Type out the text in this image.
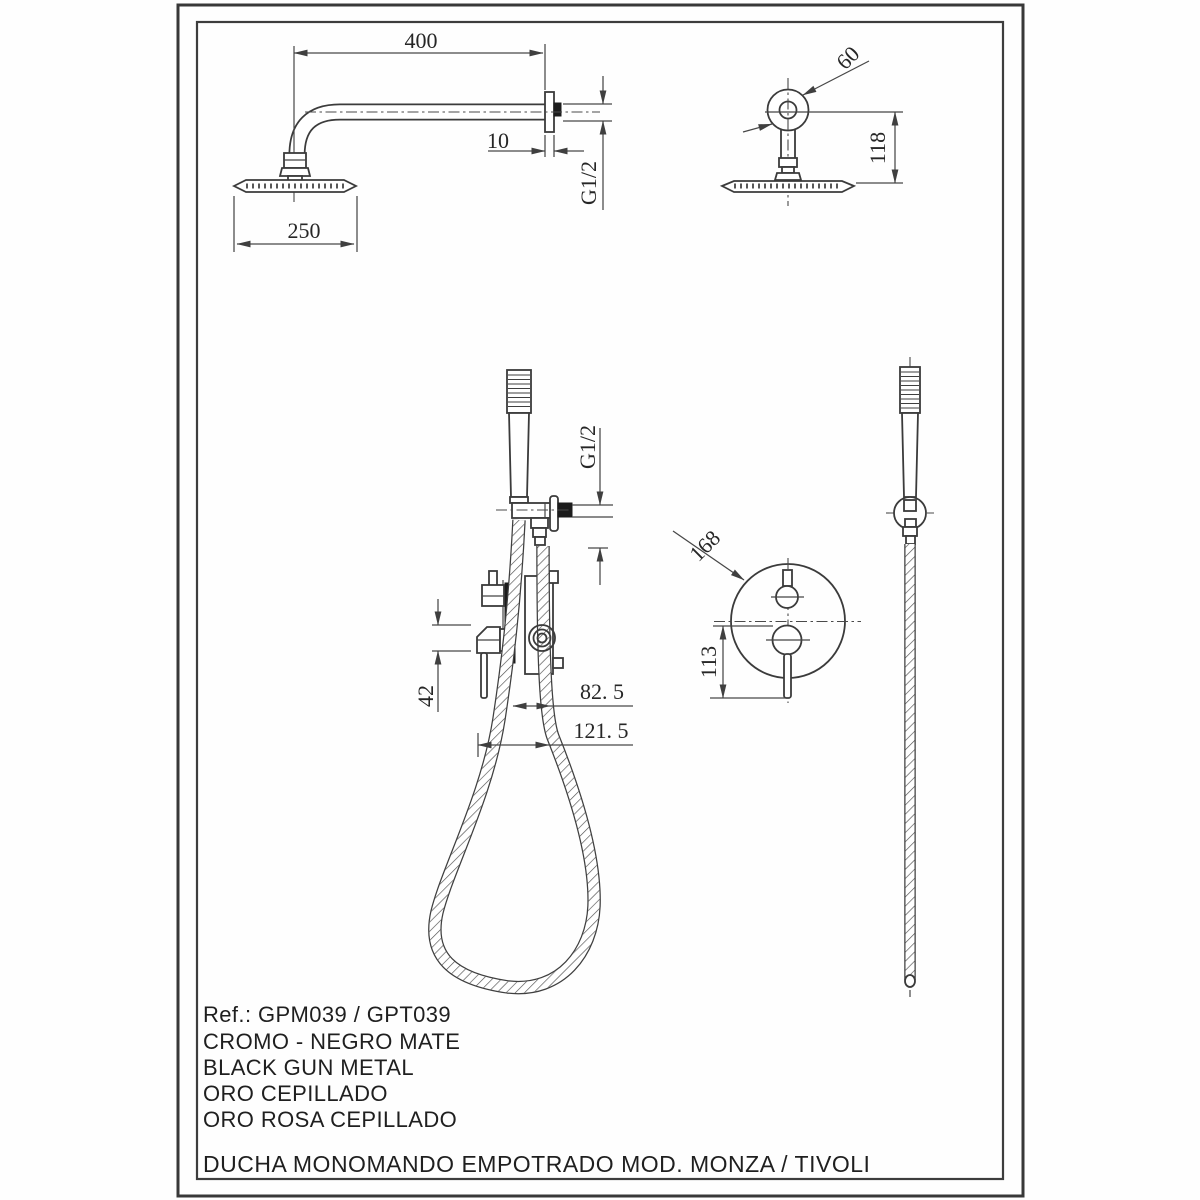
400
10
G1/2
250
60
118
G1/2
42	82. 5
121. 5
168
113
Ref.: GPM039 / GPT039
CROMO - NEGRO MATE
BLACK GUN METAL
ORO CEPILLADO
ORO ROSA CEPILLADO
DUCHA MONOMANDO EMPOTRADO MOD. MONZA / TIVOLI
